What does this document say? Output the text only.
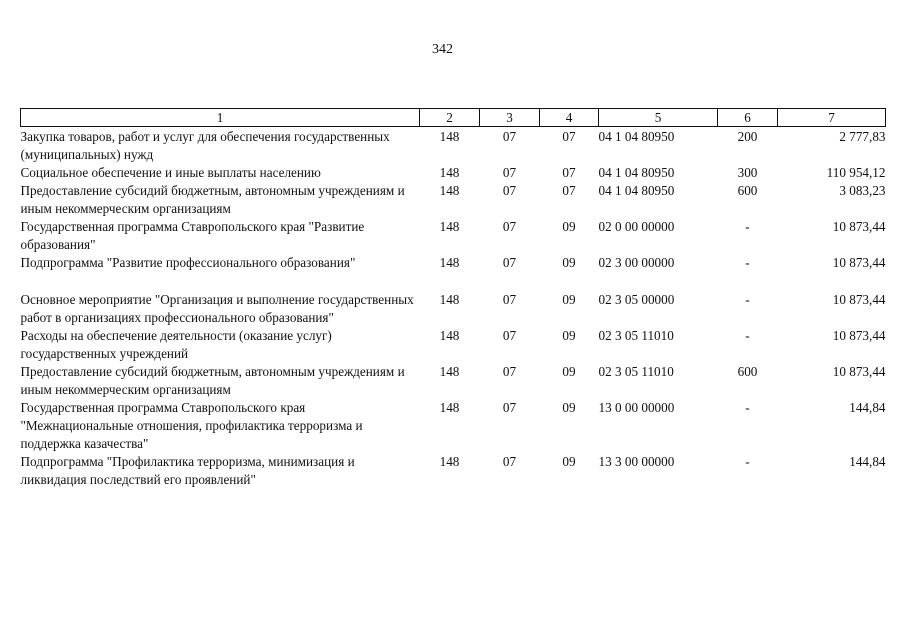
342
1	2	3	4	5	6	7
Закупка товаров, работ и услуг для обеспечения государственных (муниципальных) нужд	148	07	07	04 1 04 80950	200	2 777,83
Социальное обеспечение и иные выплаты населению	148	07	07	04 1 04 80950	300	110 954,12
Предоставление субсидий бюджетным, автономным учреждениям и иным некоммерческим организациям	148	07	07	04 1 04 80950	600	3 083,23
Государственная программа Ставропольского края "Развитие образования"	148	07	09	02 0 00 00000	-	10 873,44
Подпрограмма "Развитие профессионального образования"	148	07	09	02 3 00 00000	-	10 873,44

Основное мероприятие "Организация и выполнение государственных работ в организациях профессионального образования"	148	07	09	02 3 05 00000	-	10 873,44
Расходы на обеспечение деятельности (оказание услуг) государственных учреждений	148	07	09	02 3 05 11010	-	10 873,44
Предоставление субсидий бюджетным, автономным учреждениям и иным некоммерческим организациям	148	07	09	02 3 05 11010	600	10 873,44
Государственная программа Ставропольского края "Межнациональные отношения, профилактика терроризма и поддержка казачества"	148	07	09	13 0 00 00000	-	144,84
Подпрограмма "Профилактика терроризма, минимизация и ликвидация последствий его проявлений"	148	07	09	13 3 00 00000	-	144,84
